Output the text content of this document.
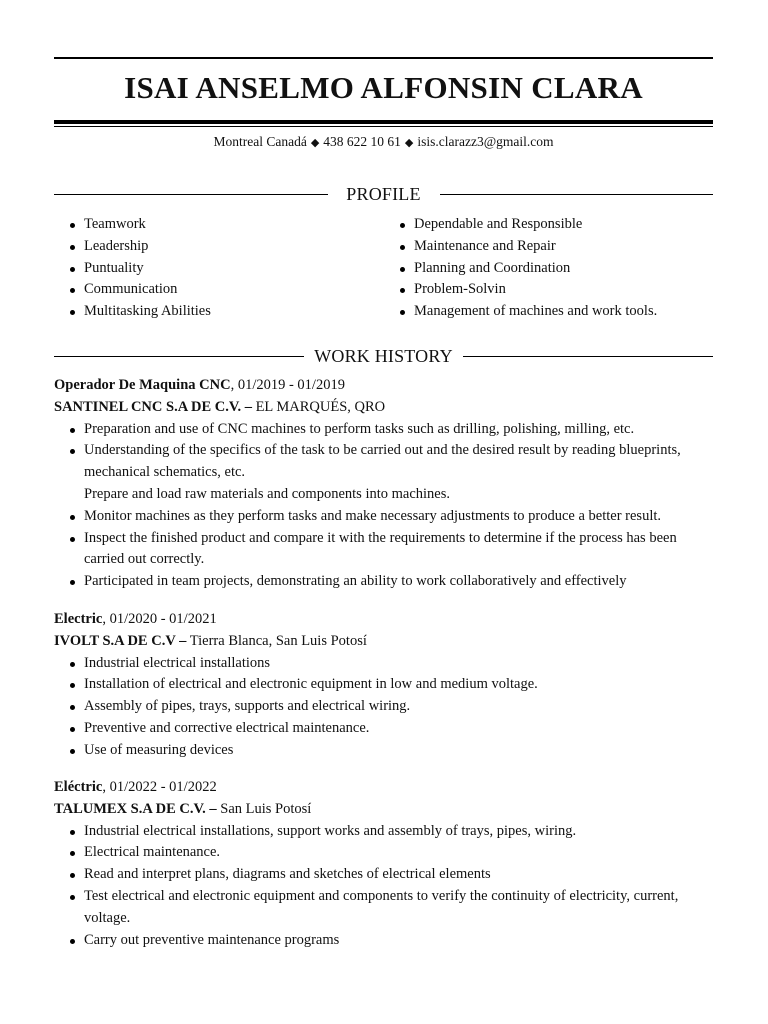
ISAI ANSELMO ALFONSIN CLARA
Montreal Canadá ◆ 438 622 10 61 ◆ isis.clarazz3@gmail.com
PROFILE
Teamwork
Leadership
Puntuality
Communication
Multitasking Abilities
Dependable and Responsible
Maintenance and Repair
Planning and Coordination
Problem-Solvin
Management of machines and work tools.
WORK HISTORY
Operador De Maquina CNC, 01/2019 - 01/2019
SANTINEL CNC S.A DE C.V. – EL MARQUÉS, QRO
Preparation and use of CNC machines to perform tasks such as drilling, polishing, milling, etc.
Understanding of the specifics of the task to be carried out and the desired result by reading blueprints, mechanical schematics, etc.
Prepare and load raw materials and components into machines.
Monitor machines as they perform tasks and make necessary adjustments to produce a better result.
Inspect the finished product and compare it with the requirements to determine if the process has been carried out correctly.
Participated in team projects, demonstrating an ability to work collaboratively and effectively
Electric, 01/2020 - 01/2021
IVOLT S.A DE C.V – Tierra Blanca, San Luis Potosí
Industrial electrical installations
Installation of electrical and electronic equipment in low and medium voltage.
Assembly of pipes, trays, supports and electrical wiring.
Preventive and corrective electrical maintenance.
Use of measuring devices
Eléctric, 01/2022 - 01/2022
TALUMEX S.A DE C.V. – San Luis Potosí
Industrial electrical installations, support works and assembly of trays, pipes, wiring.
Electrical maintenance.
Read and interpret plans, diagrams and sketches of electrical elements
Test electrical and electronic equipment and components to verify the continuity of electricity, current, voltage.
Carry out preventive maintenance programs
